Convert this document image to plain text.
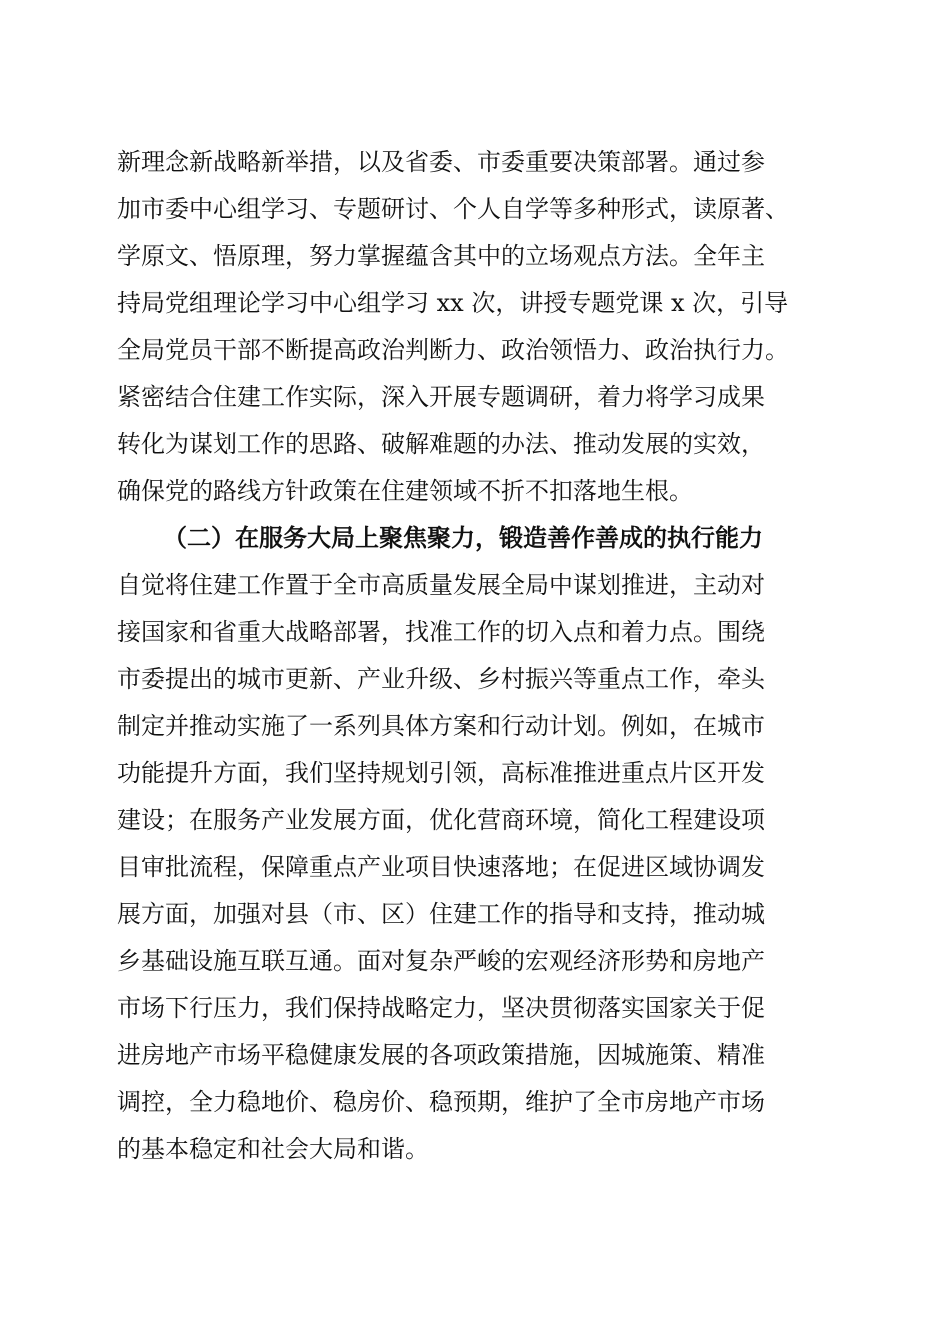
新理念新战略新举措，以及省委、市委重要决策部署。通过参
加市委中心组学习、专题研讨、个人自学等多种形式，读原著、
学原文、悟原理，努力掌握蕴含其中的立场观点方法。全年主
持局党组理论学习中心组学习 xx 次，讲授专题党课 x 次，引导
全局党员干部不断提高政治判断力、政治领悟力、政治执行力。
紧密结合住建工作实际，深入开展专题调研，着力将学习成果
转化为谋划工作的思路、破解难题的办法、推动发展的实效，
确保党的路线方针政策在住建领域不折不扣落地生根。
（二）在服务大局上聚焦聚力，锻造善作善成的执行能力
自觉将住建工作置于全市高质量发展全局中谋划推进，主动对
接国家和省重大战略部署，找准工作的切入点和着力点。围绕
市委提出的城市更新、产业升级、乡村振兴等重点工作，牵头
制定并推动实施了一系列具体方案和行动计划。例如，在城市
功能提升方面，我们坚持规划引领，高标准推进重点片区开发
建设；在服务产业发展方面，优化营商环境，简化工程建设项
目审批流程，保障重点产业项目快速落地；在促进区域协调发
展方面，加强对县（市、区）住建工作的指导和支持，推动城
乡基础设施互联互通。面对复杂严峻的宏观经济形势和房地产
市场下行压力，我们保持战略定力，坚决贯彻落实国家关于促
进房地产市场平稳健康发展的各项政策措施，因城施策、精准
调控，全力稳地价、稳房价、稳预期，维护了全市房地产市场
的基本稳定和社会大局和谐。
